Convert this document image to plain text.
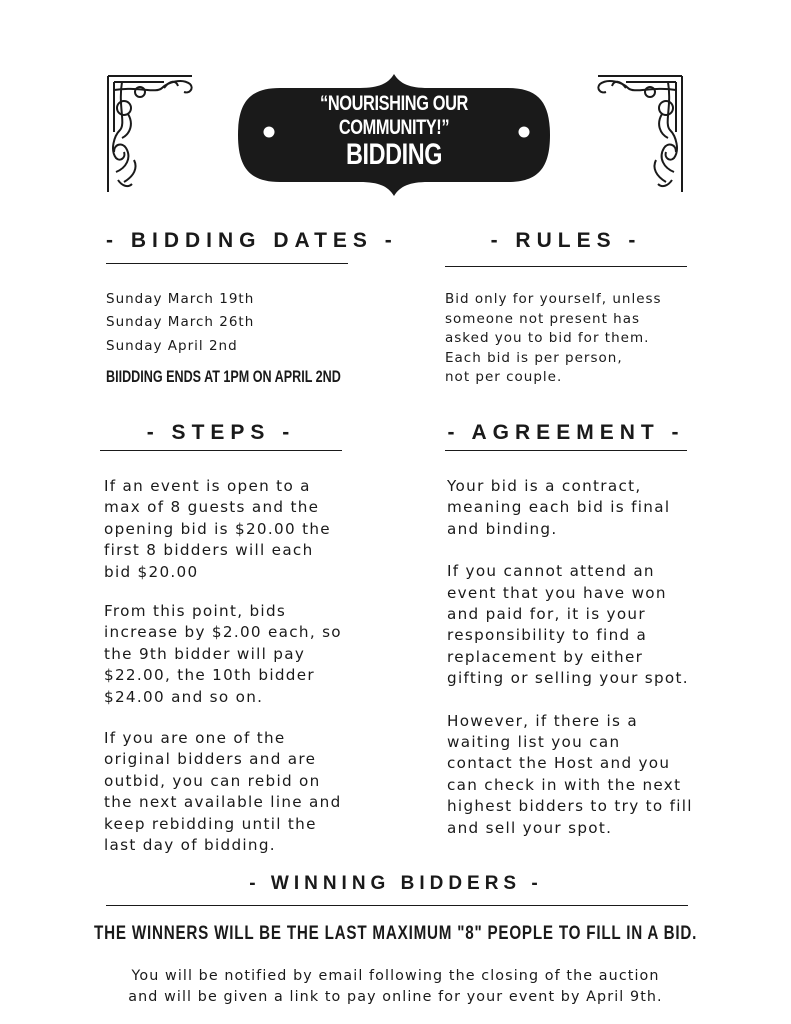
“NOURISHING OUR COMMUNITY!”
BIDDING
- BIDDING DATES -
Sunday March 19th
Sunday March 26th
Sunday April 2nd
BIIDDING ENDS AT 1PM ON APRIL 2ND
- RULES -
Bid only for yourself, unless
someone not present has
asked you to bid for them.
Each bid is per person,
not per couple.
- STEPS -
If an event is open to a
max of 8 guests and the
opening bid is $20.00 the
first 8 bidders will each
bid $20.00
From this point, bids
increase by $2.00 each, so
the 9th bidder will pay
$22.00, the 10th bidder
$24.00 and so on.
If you are one of the
original bidders and are
outbid, you can rebid on
the next available line and
keep rebidding until the
last day of bidding.
- AGREEMENT -
Your bid is a contract,
meaning each bid is final
and binding.
If you cannot attend an
event that you have won
and paid for, it is your
responsibility to find a
replacement by either
gifting or selling your spot.
However, if there is a
waiting list you can
contact the Host and you
can check in with the next
highest bidders to try to fill
and sell your spot.
- WINNING BIDDERS -
THE WINNERS WILL BE THE LAST MAXIMUM "8" PEOPLE TO FILL IN A BID.
You will be notified by email following the closing of the auction
and will be given a link to pay online for your event by April 9th.
